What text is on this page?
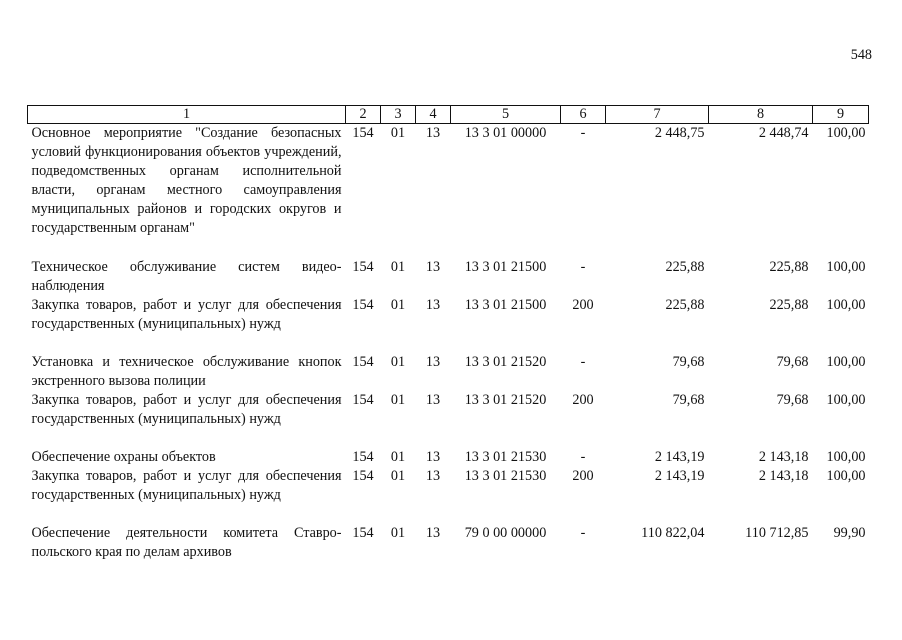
548
1	2	3	4	5	6	7	8	9
Основное мероприятие "Создание безопасных условий функционирования объектов учреждений, подведомственных органам исполнительной власти, органам местного самоуправления муниципальных районов и городских округов и государственным органам"	154	01	13	13 3 01 00000	-	2 448,75	2 448,74	100,00

Техническое обслуживание систем видео-наблюдения	154	01	13	13 3 01 21500	-	225,88	225,88	100,00
Закупка товаров, работ и услуг для обеспечения государственных (муниципальных) нужд	154	01	13	13 3 01 21500	200	225,88	225,88	100,00

Установка и техническое обслуживание кнопок экстренного вызова полиции	154	01	13	13 3 01 21520	-	79,68	79,68	100,00
Закупка товаров, работ и услуг для обеспечения государственных (муниципальных) нужд	154	01	13	13 3 01 21520	200	79,68	79,68	100,00

Обеспечение охраны объектов	154	01	13	13 3 01 21530	-	2 143,19	2 143,18	100,00
Закупка товаров, работ и услуг для обеспечения государственных (муниципальных) нужд	154	01	13	13 3 01 21530	200	2 143,19	2 143,18	100,00

Обеспечение деятельности комитета Ставро-польского края по делам архивов	154	01	13	79 0 00 00000	-	110 822,04	110 712,85	99,90
